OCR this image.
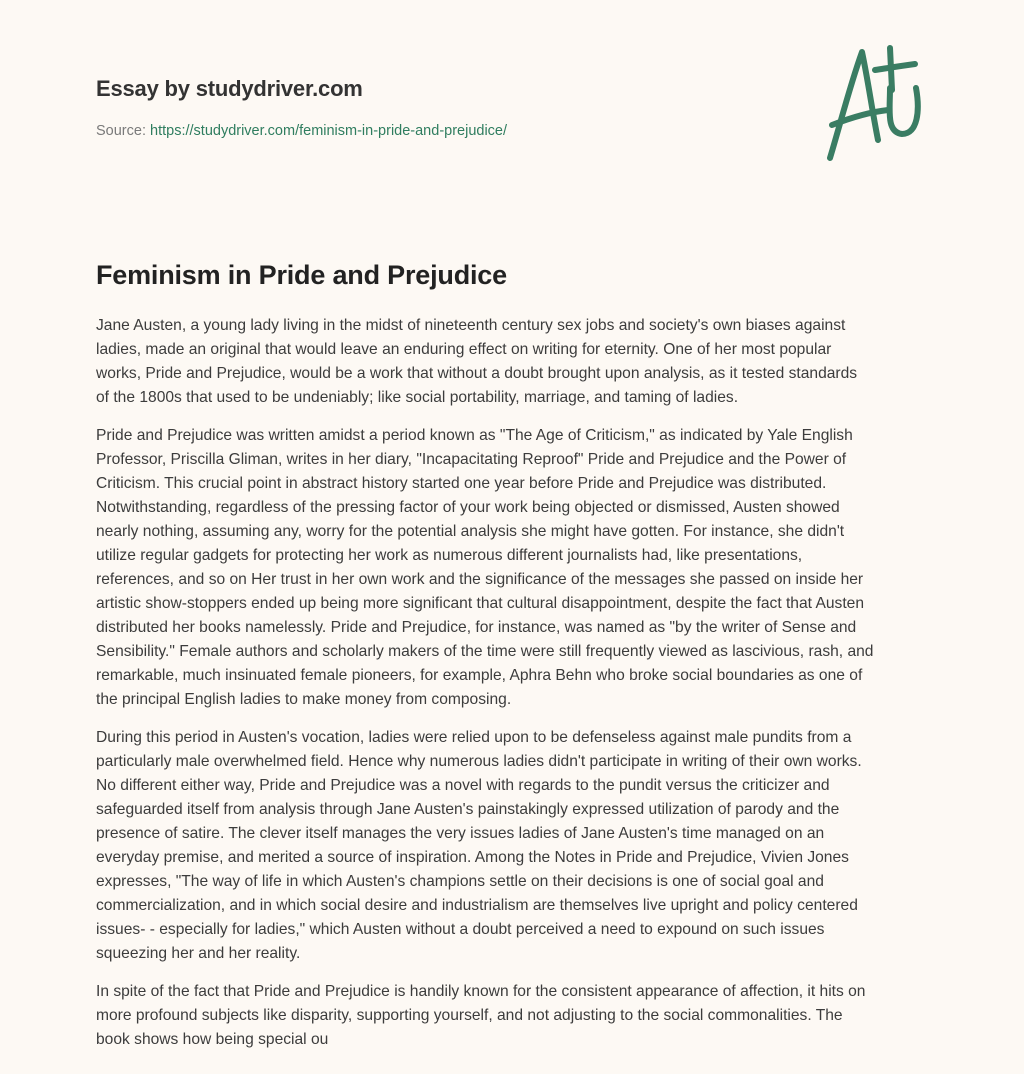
Essay by studydriver.com
Source: https://studydriver.com/feminism-in-pride-and-prejudice/
Feminism in Pride and Prejudice

Jane Austen, a young lady living in the midst of nineteenth century sex jobs and society's own biases against
ladies, made an original that would leave an enduring effect on writing for eternity. One of her most popular
works, Pride and Prejudice, would be a work that without a doubt brought upon analysis, as it tested standards
of the 1800s that used to be undeniably; like social portability, marriage, and taming of ladies.

Pride and Prejudice was written amidst a period known as "The Age of Criticism," as indicated by Yale English
Professor, Priscilla Gliman, writes in her diary, "Incapacitating Reproof" Pride and Prejudice and the Power of
Criticism. This crucial point in abstract history started one year before Pride and Prejudice was distributed.
Notwithstanding, regardless of the pressing factor of your work being objected or dismissed, Austen showed
nearly nothing, assuming any, worry for the potential analysis she might have gotten. For instance, she didn't
utilize regular gadgets for protecting her work as numerous different journalists had, like presentations,
references, and so on Her trust in her own work and the significance of the messages she passed on inside her
artistic show-stoppers ended up being more significant that cultural disappointment, despite the fact that Austen
distributed her books namelessly. Pride and Prejudice, for instance, was named as "by the writer of Sense and
Sensibility." Female authors and scholarly makers of the time were still frequently viewed as lascivious, rash, and
remarkable, much insinuated female pioneers, for example, Aphra Behn who broke social boundaries as one of
the principal English ladies to make money from composing.

During this period in Austen's vocation, ladies were relied upon to be defenseless against male pundits from a
particularly male overwhelmed field. Hence why numerous ladies didn't participate in writing of their own works.
No different either way, Pride and Prejudice was a novel with regards to the pundit versus the criticizer and
safeguarded itself from analysis through Jane Austen's painstakingly expressed utilization of parody and the
presence of satire. The clever itself manages the very issues ladies of Jane Austen's time managed on an
everyday premise, and merited a source of inspiration. Among the Notes in Pride and Prejudice, Vivien Jones
expresses, "The way of life in which Austen's champions settle on their decisions is one of social goal and
commercialization, and in which social desire and industrialism are themselves live upright and policy centered
issues- - especially for ladies," which Austen without a doubt perceived a need to expound on such issues
squeezing her and her reality.

In spite of the fact that Pride and Prejudice is handily known for the consistent appearance of affection, it hits on
more profound subjects like disparity, supporting yourself, and not adjusting to the social commonalities. The
book shows how being special ou
